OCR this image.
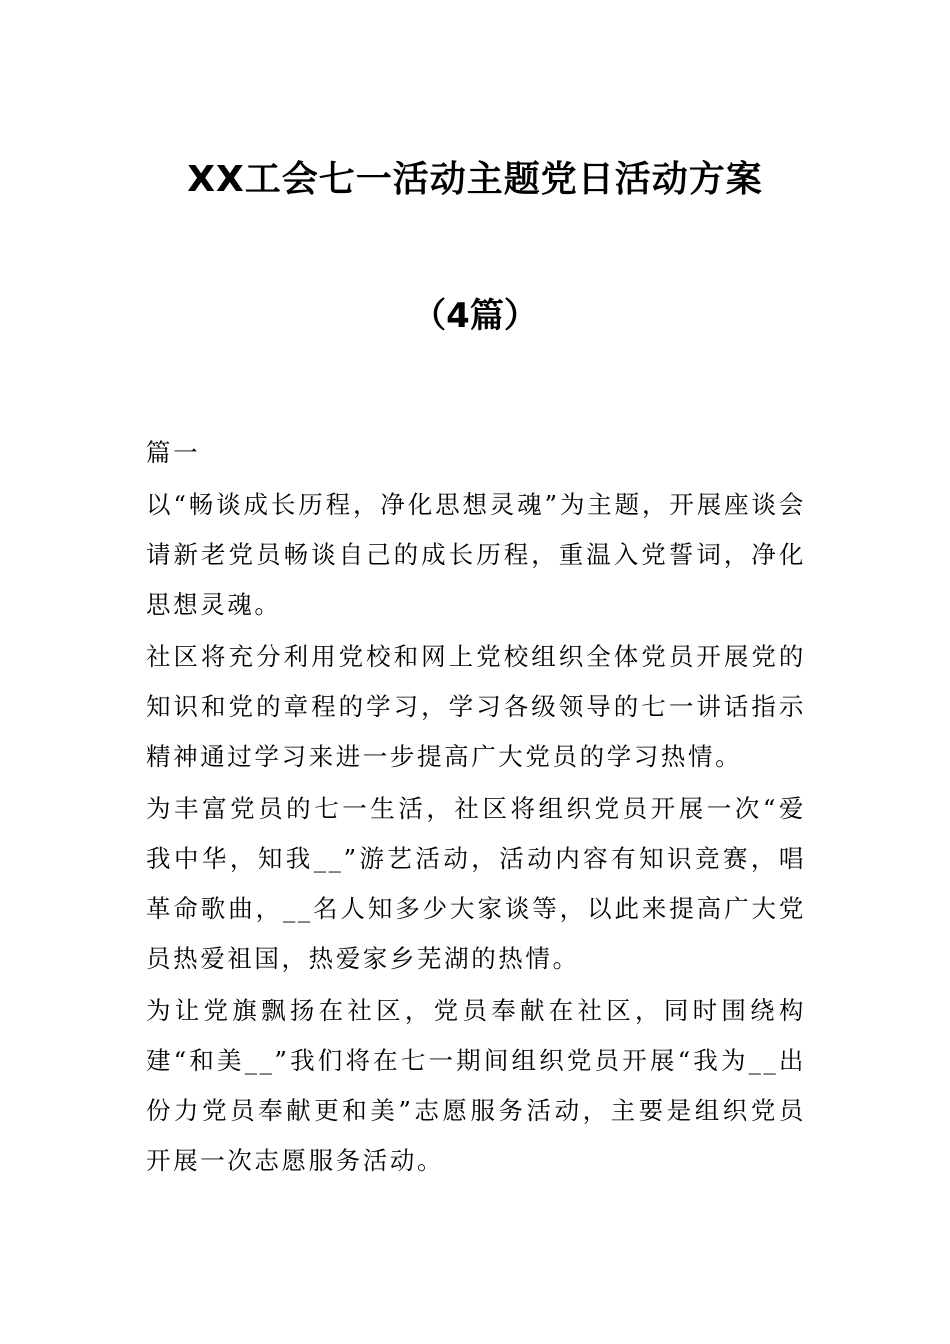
XX工会七一活动主题党日活动方案
（4篇）

篇一

以“畅谈成长历程，净化思想灵魂”为主题，开展座谈会请新老党员畅谈自己的成长历程，重温入党誓词，净化思想灵魂。

社区将充分利用党校和网上党校组织全体党员开展党的知识和党的章程的学习，学习各级领导的七一讲话指示精神通过学习来进一步提高广大党员的学习热情。

为丰富党员的七一生活，社区将组织党员开展一次“爱我中华，知我__”游艺活动，活动内容有知识竞赛，唱革命歌曲，__名人知多少大家谈等，以此来提高广大党员热爱祖国，热爱家乡芜湖的热情。

为让党旗飘扬在社区，党员奉献在社区，同时围绕构建“和美__”我们将在七一期间组织党员开展“我为__出份力党员奉献更和美”志愿服务活动，主要是组织党员开展一次志愿服务活动。
